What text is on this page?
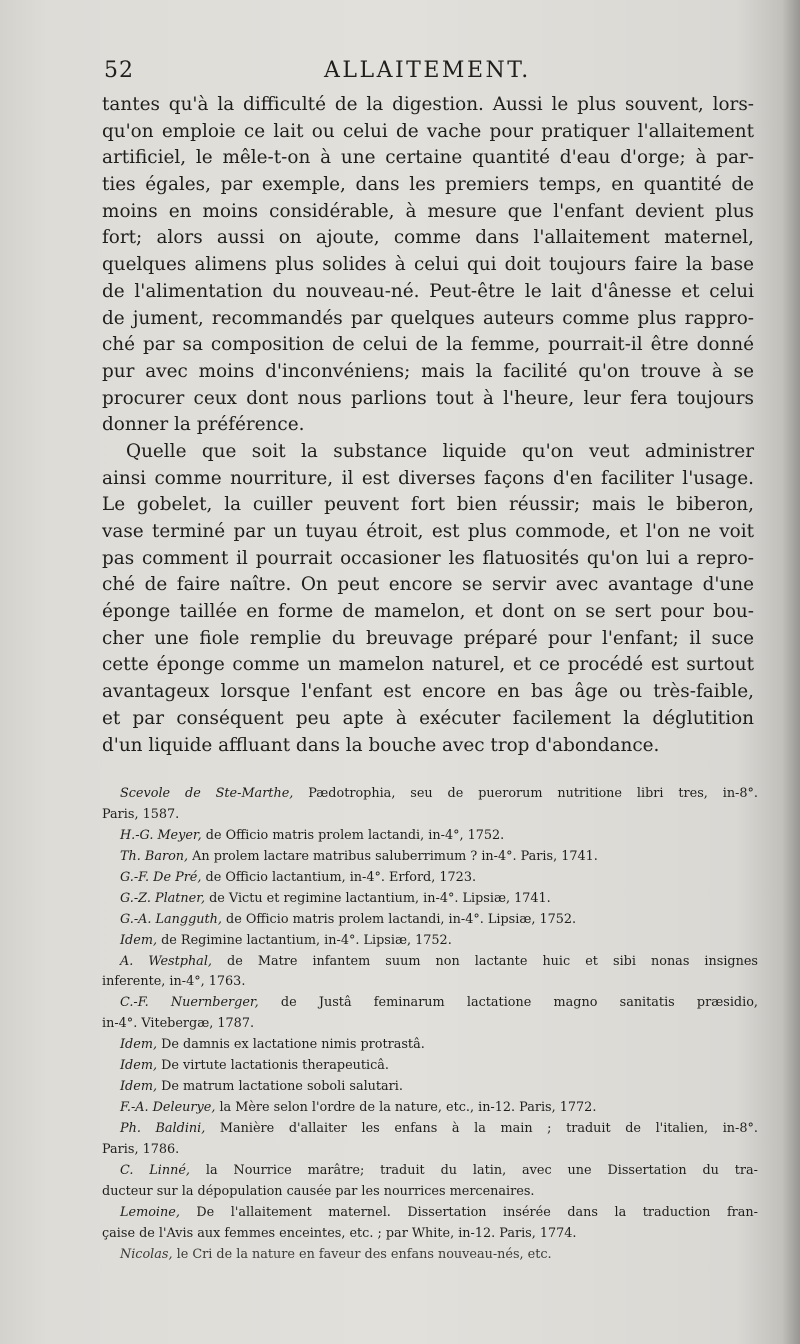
52	ALLAITEMENT.
tantes qu'à la difficulté de la digestion. Aussi le plus souvent, lors-
qu'on emploie ce lait ou celui de vache pour pratiquer l'allaitement
artificiel, le mêle-t-on à une certaine quantité d'eau d'orge; à par-
ties égales, par exemple, dans les premiers temps, en quantité de
moins en moins considérable, à mesure que l'enfant devient plus
fort; alors aussi on ajoute, comme dans l'allaitement maternel,
quelques alimens plus solides à celui qui doit toujours faire la base
de l'alimentation du nouveau-né. Peut-être le lait d'ânesse et celui
de jument, recommandés par quelques auteurs comme plus rappro-
ché par sa composition de celui de la femme, pourrait-il être donné
pur avec moins d'inconvéniens; mais la facilité qu'on trouve à se
procurer ceux dont nous parlions tout à l'heure, leur fera toujours
donner la préférence.
Quelle que soit la substance liquide qu'on veut administrer
ainsi comme nourriture, il est diverses façons d'en faciliter l'usage.
Le gobelet, la cuiller peuvent fort bien réussir; mais le biberon,
vase terminé par un tuyau étroit, est plus commode, et l'on ne voit
pas comment il pourrait occasioner les flatuosités qu'on lui a repro-
ché de faire naître. On peut encore se servir avec avantage d'une
éponge taillée en forme de mamelon, et dont on se sert pour bou-
cher une fiole remplie du breuvage préparé pour l'enfant; il suce
cette éponge comme un mamelon naturel, et ce procédé est surtout
avantageux lorsque l'enfant est encore en bas âge ou très-faible,
et par conséquent peu apte à exécuter facilement la déglutition
d'un liquide affluant dans la bouche avec trop d'abondance.
Scevole de Ste-Marthe, Pædotrophia, seu de puerorum nutritione libri tres, in-8°.
Paris, 1587.
H.-G. Meyer, de Officio matris prolem lactandi, in-4°, 1752.
Th. Baron, An prolem lactare matribus saluberrimum ? in-4°. Paris, 1741.
G.-F. De Pré, de Officio lactantium, in-4°. Erford, 1723.
G.-Z. Platner, de Victu et regimine lactantium, in-4°. Lipsiæ, 1741.
G.-A. Langguth, de Officio matris prolem lactandi, in-4°. Lipsiæ, 1752.
Idem, de Regimine lactantium, in-4°. Lipsiæ, 1752.
A. Westphal, de Matre infantem suum non lactante huic et sibi nonas insignes
inferente, in-4°, 1763.
C.-F. Nuernberger, de Justâ feminarum lactatione magno sanitatis præsidio,
in-4°. Vitebergæ, 1787.
Idem, De damnis ex lactatione nimis protrastâ.
Idem, De virtute lactationis therapeuticâ.
Idem, De matrum lactatione soboli salutari.
F.-A. Deleurye, la Mère selon l'ordre de la nature, etc., in-12. Paris, 1772.
Ph. Baldini, Manière d'allaiter les enfans à la main ; traduit de l'italien, in-8°.
Paris, 1786.
C. Linné, la Nourrice marâtre; traduit du latin, avec une Dissertation du tra-
ducteur sur la dépopulation causée par les nourrices mercenaires.
Lemoine, De l'allaitement maternel. Dissertation insérée dans la traduction fran-
çaise de l'Avis aux femmes enceintes, etc. ; par White, in-12. Paris, 1774.
Nicolas, le Cri de la nature en faveur des enfans nouveau-nés, etc.
